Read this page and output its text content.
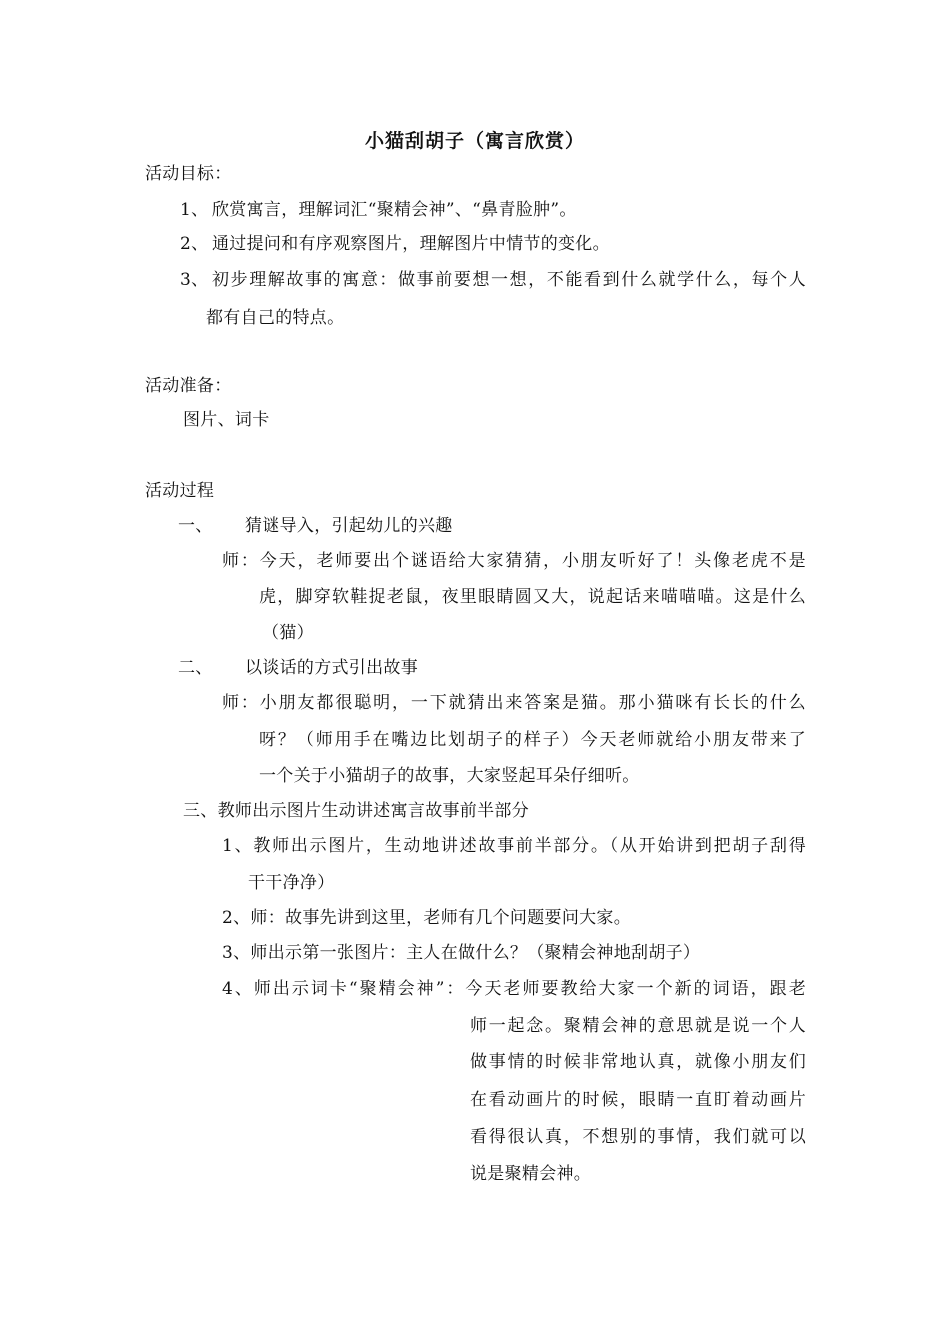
小猫刮胡子（寓言欣赏）
活动目标：
1、 欣赏寓言，理解词汇“聚精会神”、“鼻青脸肿”。
2、 通过提问和有序观察图片，理解图片中情节的变化。
3、 初步理解故事的寓意：做事前要想一想，不能看到什么就学什么，每个人
都有自己的特点。
活动准备：
图片、词卡
活动过程
一、 猜谜导入，引起幼儿的兴趣
师：今天，老师要出个谜语给大家猜猜，小朋友听好了！头像老虎不是
虎，脚穿软鞋捉老鼠，夜里眼睛圆又大，说起话来喵喵喵。这是什么
（猫）
二、 以谈话的方式引出故事
师：小朋友都很聪明，一下就猜出来答案是猫。那小猫咪有长长的什么
呀？（师用手在嘴边比划胡子的样子）今天老师就给小朋友带来了
一个关于小猫胡子的故事，大家竖起耳朵仔细听。
三、教师出示图片生动讲述寓言故事前半部分
1、教师出示图片，生动地讲述故事前半部分。（从开始讲到把胡子刮得
干干净净）
2、师：故事先讲到这里，老师有几个问题要问大家。
3、师出示第一张图片：主人在做什么？（聚精会神地刮胡子）
4、师出示词卡“聚精会神”：今天老师要教给大家一个新的词语，跟老
师一起念。聚精会神的意思就是说一个人
做事情的时候非常地认真，就像小朋友们
在看动画片的时候，眼睛一直盯着动画片
看得很认真，不想别的事情，我们就可以
说是聚精会神。
